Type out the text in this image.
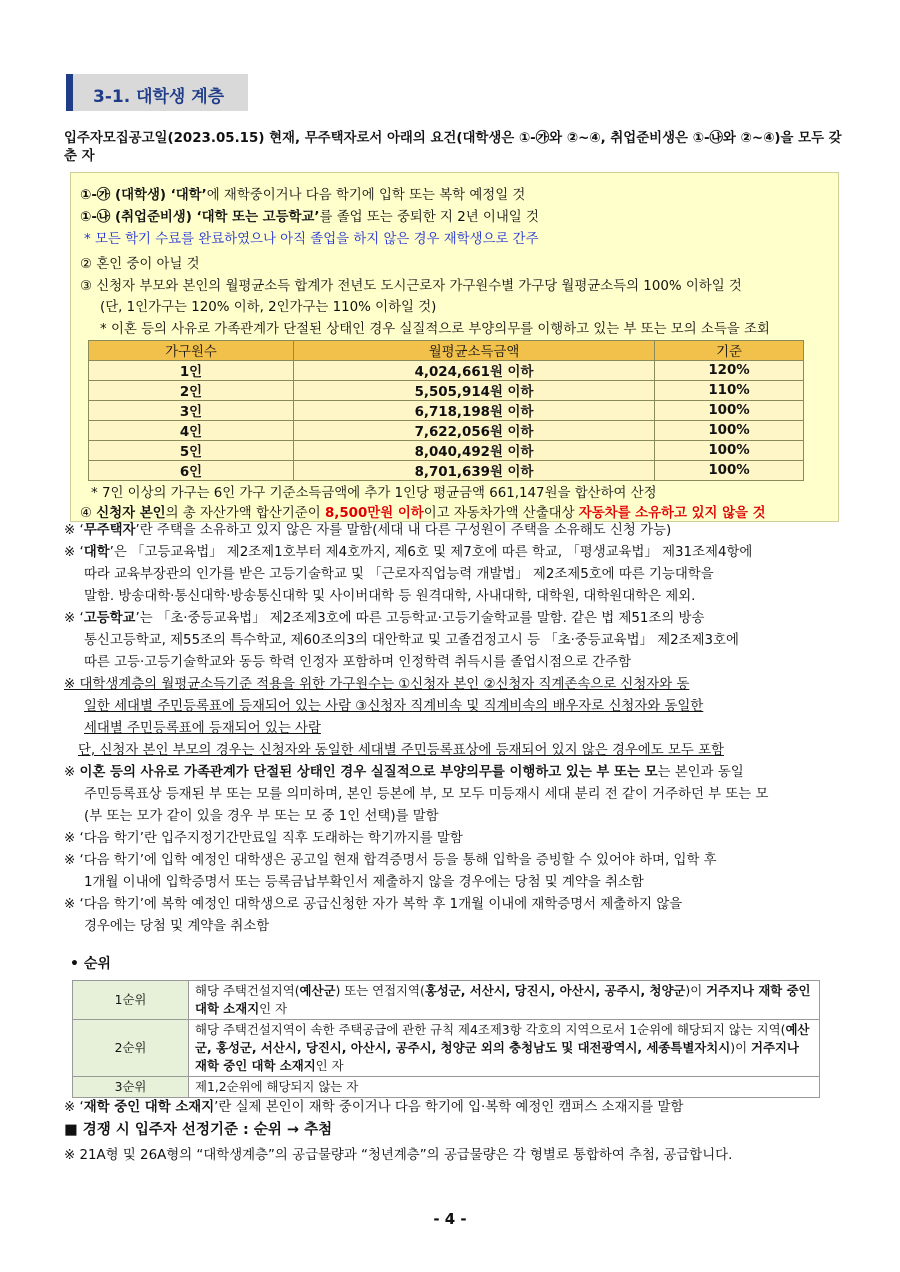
3-1. 대학생 계층
입주자모집공고일(2023.05.15) 현재, 무주택자로서 아래의 요건(대학생은 ①-㉮와 ②~④, 취업준비생은 ①-㉯와 ②~④)을 모두 갖춘 자
①-㉮ (대학생) ‘대학’에 재학중이거나 다음 학기에 입학 또는 복학 예정일 것
①-㉯ (취업준비생) ‘대학 또는 고등학교’를 졸업 또는 중퇴한 지 2년 이내일 것
* 모든 학기 수료를 완료하였으나 아직 졸업을 하지 않은 경우 재학생으로 간주
② 혼인 중이 아닐 것
③ 신청자 부모와 본인의 월평균소득 합계가 전년도 도시근로자 가구원수별 가구당 월평균소득의 100% 이하일 것
(단, 1인가구는 120% 이하, 2인가구는 110% 이하일 것)
* 이혼 등의 사유로 가족관계가 단절된 상태인 경우 실질적으로 부양의무를 이행하고 있는 부 또는 모의 소득을 조회
가구원수	월평균소득금액	기준
1인	4,024,661원 이하	120%
2인	5,505,914원 이하	110%
3인	6,718,198원 이하	100%
4인	7,622,056원 이하	100%
5인	8,040,492원 이하	100%
6인	8,701,639원 이하	100%
* 7인 이상의 가구는 6인 가구 기준소득금액에 추가 1인당 평균금액 661,147원을 합산하여 산정
④ 신청자 본인의 총 자산가액 합산기준이 8,500만원 이하이고 자동차가액 산출대상 자동차를 소유하고 있지 않을 것
※ ‘무주택자’란 주택을 소유하고 있지 않은 자를 말함(세대 내 다른 구성원이 주택을 소유해도 신청 가능)
※ ‘대학’은 「고등교육법」 제2조제1호부터 제4호까지, 제6호 및 제7호에 따른 학교, 「평생교육법」 제31조제4항에
따라 교육부장관의 인가를 받은 고등기술학교 및 「근로자직업능력 개발법」 제2조제5호에 따른 기능대학을
말함. 방송대학·통신대학·방송통신대학 및 사이버대학 등 원격대학, 사내대학, 대학원, 대학원대학은 제외.
※ ‘고등학교’는 「초·중등교육법」 제2조제3호에 따른 고등학교·고등기술학교를 말함. 같은 법 제51조의 방송
통신고등학교, 제55조의 특수학교, 제60조의3의 대안학교 및 고졸검정고시 등 「초·중등교육법」 제2조제3호에
따른 고등·고등기술학교와 동등 학력 인정자 포함하며 인정학력 취득시를 졸업시점으로 간주함
※ 대학생계층의 월평균소득기준 적용을 위한 가구원수는 ①신청자 본인 ②신청자 직계존속으로 신청자와 동
일한 세대별 주민등록표에 등재되어 있는 사람 ③신청자 직계비속 및 직계비속의 배우자로 신청자와 동일한
세대별 주민등록표에 등재되어 있는 사람
단, 신청자 본인 부모의 경우는 신청자와 동일한 세대별 주민등록표상에 등재되어 있지 않은 경우에도 모두 포함
※ 이혼 등의 사유로 가족관계가 단절된 상태인 경우 실질적으로 부양의무를 이행하고 있는 부 또는 모는 본인과 동일
주민등록표상 등재된 부 또는 모를 의미하며, 본인 등본에 부, 모 모두 미등재시 세대 분리 전 같이 거주하던 부 또는 모
(부 또는 모가 같이 있을 경우 부 또는 모 중 1인 선택)를 말함
※ ‘다음 학기’란 입주지정기간만료일 직후 도래하는 학기까지를 말함
※ ‘다음 학기’에 입학 예정인 대학생은 공고일 현재 합격증명서 등을 통해 입학을 증빙할 수 있어야 하며, 입학 후
1개월 이내에 입학증명서 또는 등록금납부확인서 제출하지 않을 경우에는 당첨 및 계약을 취소함
※ ‘다음 학기’에 복학 예정인 대학생으로 공급신청한 자가 복학 후 1개월 이내에 재학증명서 제출하지 않을
경우에는 당첨 및 계약을 취소함
• 순위
1순위	해당 주택건설지역(예산군) 또는 연접지역(홍성군, 서산시, 당진시, 아산시, 공주시, 청양군)이 거주지나 재학 중인 대학 소재지인 자
2순위	해당 주택건설지역이 속한 주택공급에 관한 규칙 제4조제3항 각호의 지역으로서 1순위에 해당되지 않는 지역(예산군, 홍성군, 서산시, 당진시, 아산시, 공주시, 청양군 외의 충청남도 및 대전광역시, 세종특별자치시)이 거주지나 재학 중인 대학 소재지인 자
3순위	제1,2순위에 해당되지 않는 자
※ ‘재학 중인 대학 소재지’란 실제 본인이 재학 중이거나 다음 학기에 입·복학 예정인 캠퍼스 소재지를 말함
■ 경쟁 시 입주자 선정기준 : 순위 → 추첨
※ 21A형 및 26A형의 “대학생계층”의 공급물량과 “청년계층”의 공급물량은 각 형별로 통합하여 추첨, 공급합니다.
- 4 -
